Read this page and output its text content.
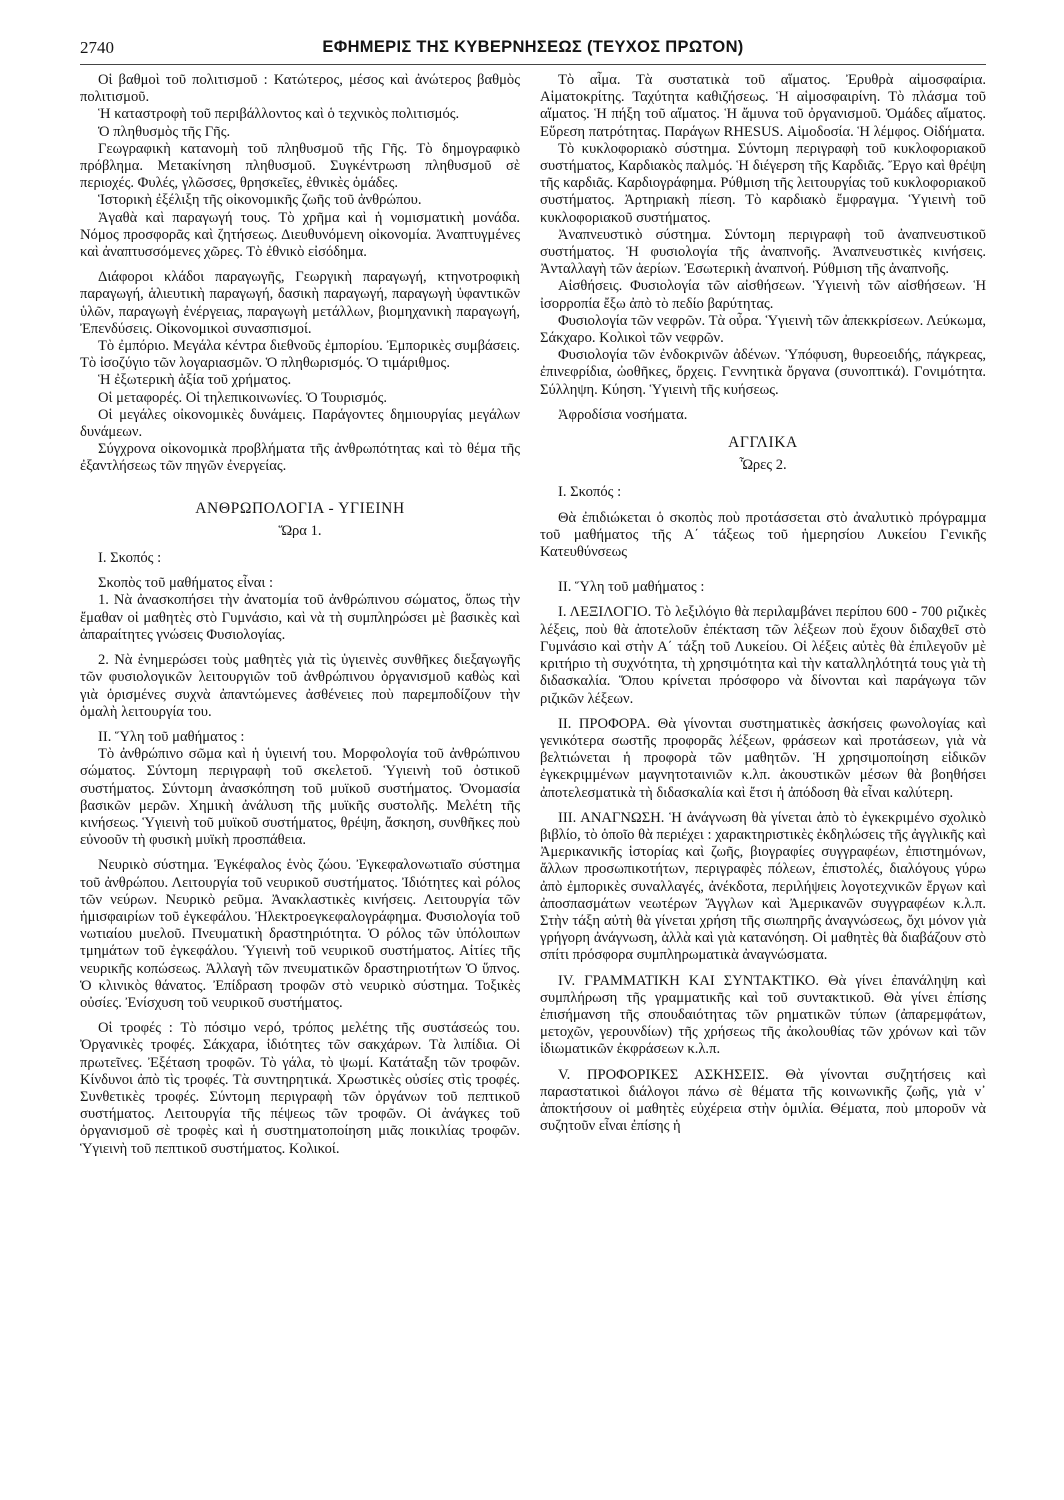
2740	ΕΦΗΜΕΡΙΣ ΤΗΣ ΚΥΒΕΡΝΗΣΕΩΣ (ΤΕΥΧΟΣ ΠΡΩΤΟΝ)

Οἱ βαθμοὶ τοῦ πολιτισμοῦ : Κατώτερος, μέσος καὶ ἀνώτερος βαθμὸς πολιτισμοῦ.

Ἡ καταστροφὴ τοῦ περιβάλλοντος καὶ ὁ τεχνικὸς πολιτισμός.

Ὁ πληθυσμὸς τῆς Γῆς.

Γεωγραφικὴ κατανομὴ τοῦ πληθυσμοῦ τῆς Γῆς. Τὸ δημογραφικὸ πρόβλημα. Μετακίνηση πληθυσμοῦ. Συγκέντρωση πληθυσμοῦ σὲ περιοχές. Φυλές, γλῶσσες, θρησκεῖες, ἐθνικὲς ὁμάδες.

Ἱστορικὴ ἐξέλιξη τῆς οἰκονομικῆς ζωῆς τοῦ ἀνθρώπου.

Ἀγαθὰ καὶ παραγωγή τους. Τὸ χρῆμα καὶ ἡ νομισματικὴ μονάδα. Νόμος προσφορᾶς καὶ ζητήσεως. Διευθυνόμενη οἰκονομία. Ἀναπτυγμένες καὶ ἀναπτυσσόμενες χῶρες. Τὸ ἐθνικὸ εἰσόδημα.

Διάφοροι κλάδοι παραγωγῆς, Γεωργικὴ παραγωγή, κτηνοτροφικὴ παραγωγή, ἁλιευτικὴ παραγωγή, δασικὴ παραγωγή, παραγωγὴ ὑφαντικῶν ὑλῶν, παραγωγὴ ἐνέργειας, παραγωγὴ μετάλλων, βιομηχανικὴ παραγωγή, Ἐπενδύσεις. Οἰκονομικοὶ συνασπισμοί.

Τὸ ἐμπόριο. Μεγάλα κέντρα διεθνοῦς ἐμπορίου. Ἐμπορικὲς συμβάσεις. Τὸ ἰσοζύγιο τῶν λογαριασμῶν. Ὁ πληθωρισμός. Ὁ τιμάριθμος.

Ἡ ἐξωτερικὴ ἀξία τοῦ χρήματος.

Οἱ μεταφορές. Οἱ τηλεπικοινωνίες. Ὁ Τουρισμός.

Οἱ μεγάλες οἰκονομικὲς δυνάμεις. Παράγοντες δημιουργίας μεγάλων δυνάμεων.

Σύγχρονα οἰκονομικὰ προβλήματα τῆς ἀνθρωπότητας καὶ τὸ θέμα τῆς ἐξαντλήσεως τῶν πηγῶν ἐνεργείας.

ΑΝΘΡΩΠΟΛΟΓΙΑ - ΥΓΙΕΙΝΗ

Ὥρα 1.

Ι. Σκοπός :

Σκοπὸς τοῦ μαθήματος εἶναι :

1. Νὰ ἀνασκοπήσει τὴν ἀνατομία τοῦ ἀνθρώπινου σώματος, ὅπως τὴν ἔμαθαν οἱ μαθητὲς στὸ Γυμνάσιο, καὶ νὰ τὴ συμπληρώσει μὲ βασικὲς καὶ ἀπαραίτητες γνώσεις Φυσιολογίας.

2. Νὰ ἐνημερώσει τοὺς μαθητὲς γιὰ τὶς ὑγιεινὲς συνθῆκες διεξαγωγῆς τῶν φυσιολογικῶν λειτουργιῶν τοῦ ἀνθρώπινου ὀργανισμοῦ καθὼς καὶ γιὰ ὁρισμένες συχνὰ ἀπαντώμενες ἀσθένειες ποὺ παρεμποδίζουν τὴν ὁμαλὴ λειτουργία του.

ΙΙ. Ὕλη τοῦ μαθήματος :

Τὸ ἀνθρώπινο σῶμα καὶ ἡ ὑγιεινή του. Μορφολογία τοῦ ἀνθρώπινου σώματος. Σύντομη περιγραφὴ τοῦ σκελετοῦ. Ὑγιεινὴ τοῦ ὀστικοῦ συστήματος. Σύντομη ἀνασκόπηση τοῦ μυϊκοῦ συστήματος. Ὀνομασία βασικῶν μερῶν. Χημικὴ ἀνάλυση τῆς μυϊκῆς συστολῆς. Μελέτη τῆς κινήσεως. Ὑγιεινὴ τοῦ μυϊκοῦ συστήματος, θρέψη, ἄσκηση, συνθῆκες ποὺ εὐνοοῦν τὴ φυσικὴ μυϊκὴ προσπάθεια.

Νευρικὸ σύστημα. Ἐγκέφαλος ἑνὸς ζώου. Ἐγκεφαλονωτιαῖο σύστημα τοῦ ἀνθρώπου. Λειτουργία τοῦ νευρικοῦ συστήματος. Ἰδιότητες καὶ ρόλος τῶν νεύρων. Νευρικὸ ρεῦμα. Ἀνακλαστικὲς κινήσεις. Λειτουργία τῶν ἡμισφαιρίων τοῦ ἐγκεφάλου. Ἠλεκτροεγκεφαλογράφημα. Φυσιολογία τοῦ νωτιαίου μυελοῦ. Πνευματικὴ δραστηριότητα. Ὁ ρόλος τῶν ὑπόλοιπων τμημάτων τοῦ ἐγκεφάλου. Ὑγιεινὴ τοῦ νευρικοῦ συστήματος. Αἰτίες τῆς νευρικῆς κοπώσεως. Ἀλλαγὴ τῶν πνευματικῶν δραστηριοτήτων Ὁ ὕπνος. Ὁ κλινικὸς θάνατος. Ἐπίδραση τροφῶν στὸ νευρικὸ σύστημα. Τοξικὲς οὐσίες. Ἐνίσχυση τοῦ νευρικοῦ συστήματος.

Οἱ τροφές : Τὸ πόσιμο νερό, τρόπος μελέτης τῆς συστάσεώς του. Ὀργανικὲς τροφές. Σάκχαρα, ἰδιότητες τῶν σακχάρων. Τὰ λιπίδια. Οἱ πρωτεῖνες. Ἐξέταση τροφῶν. Τὸ γάλα, τὸ ψωμί. Κατάταξη τῶν τροφῶν. Κίνδυνοι ἀπὸ τὶς τροφές. Τὰ συντηρητικά. Χρωστικὲς οὐσίες στὶς τροφές. Συνθετικὲς τροφές. Σύντομη περιγραφὴ τῶν ὀργάνων τοῦ πεπτικοῦ συστήματος. Λειτουργία τῆς πέψεως τῶν τροφῶν. Οἱ ἀνάγκες τοῦ ὀργανισμοῦ σὲ τροφὲς καὶ ἡ συστηματοποίηση μιᾶς ποικιλίας τροφῶν. Ὑγιεινὴ τοῦ πεπτικοῦ συστήματος. Κολικοί.

Τὸ αἷμα. Τὰ συστατικὰ τοῦ αἵματος. Ἐρυθρὰ αἱμοσφαίρια. Αἱματοκρίτης. Ταχύτητα καθιζήσεως. Ἡ αἱμοσφαιρίνη. Τὸ πλάσμα τοῦ αἵματος. Ἡ πήξη τοῦ αἵματος. Ἡ ἄμυνα τοῦ ὀργανισμοῦ. Ὁμάδες αἵματος. Εὕρεση πατρότητας. Παράγων RHESUS. Αἱμοδοσία. Ἡ λέμφος. Οἰδήματα.

Τὸ κυκλοφοριακὸ σύστημα. Σύντομη περιγραφὴ τοῦ κυκλοφοριακοῦ συστήματος, Καρδιακὸς παλμός. Ἡ διέγερση τῆς Καρδιᾶς. Ἔργο καὶ θρέψη τῆς καρδιᾶς. Καρδιογράφημα. Ρύθμιση τῆς λειτουργίας τοῦ κυκλοφοριακοῦ συστήματος. Ἀρτηριακὴ πίεση. Τὸ καρδιακὸ ἔμφραγμα. Ὑγιεινὴ τοῦ κυκλοφοριακοῦ συστήματος.

Ἀναπνευστικὸ σύστημα. Σύντομη περιγραφὴ τοῦ ἀναπνευστικοῦ συστήματος. Ἡ φυσιολογία τῆς ἀναπνοῆς. Ἀναπνευστικὲς κινήσεις. Ἀνταλλαγὴ τῶν ἀερίων. Ἐσωτερικὴ ἀναπνοή. Ρύθμιση τῆς ἀναπνοῆς.

Αἰσθήσεις. Φυσιολογία τῶν αἰσθήσεων. Ὑγιεινὴ τῶν αἰσθήσεων. Ἡ ἰσορροπία ἔξω ἀπὸ τὸ πεδίο βαρύτητας.

Φυσιολογία τῶν νεφρῶν. Τὰ οὖρα. Ὑγιεινὴ τῶν ἀπεκκρίσεων. Λεύκωμα, Σάκχαρο. Κολικοὶ τῶν νεφρῶν.

Φυσιολογία τῶν ἐνδοκρινῶν ἀδένων. Ὑπόφυση, θυρεοειδής, πάγκρεας, ἐπινεφρίδια, ὠοθῆκες, ὄρχεις. Γεννητικὰ ὄργανα (συνοπτικά). Γονιμότητα. Σύλληψη. Κύηση. Ὑγιεινὴ τῆς κυήσεως.

Ἀφροδίσια νοσήματα.

ΑΓΓΛΙΚΑ

Ὧρες 2.

Ι. Σκοπός :

Θὰ ἐπιδιώκεται ὁ σκοπὸς ποὺ προτάσσεται στὸ ἀναλυτικὸ πρόγραμμα τοῦ μαθήματος τῆς Α΄ τάξεως τοῦ ἡμερησίου Λυκείου Γενικῆς Κατευθύνσεως

ΙΙ. Ὕλη τοῦ μαθήματος :

Ι. ΛΕΞΙΛΟΓΙΟ. Τὸ λεξιλόγιο θὰ περιλαμβάνει περίπου 600 - 700 ριζικὲς λέξεις, ποὺ θὰ ἀποτελοῦν ἐπέκταση τῶν λέξεων ποὺ ἔχουν διδαχθεῖ στὸ Γυμνάσιο καὶ στὴν Α΄ τάξη τοῦ Λυκείου. Οἱ λέξεις αὐτὲς θὰ ἐπιλεγοῦν μὲ κριτήριο τὴ συχνότητα, τὴ χρησιμότητα καὶ τὴν καταλληλότητά τους γιὰ τὴ διδασκαλία. Ὅπου κρίνεται πρόσφορο νὰ δίνονται καὶ παράγωγα τῶν ριζικῶν λέξεων.

ΙΙ. ΠΡΟΦΟΡΑ. Θὰ γίνονται συστηματικὲς ἀσκήσεις φωνολογίας καὶ γενικότερα σωστῆς προφορᾶς λέξεων, φράσεων καὶ προτάσεων, γιὰ νὰ βελτιώνεται ἡ προφορὰ τῶν μαθητῶν. Ἡ χρησιμοποίηση εἰδικῶν ἐγκεκριμμένων μαγνητοταινιῶν κ.λπ. ἀκουστικῶν μέσων θὰ βοηθήσει ἀποτελεσματικὰ τὴ διδασκαλία καὶ ἔτσι ἡ ἀπόδοση θὰ εἶναι καλύτερη.

ΙΙΙ. ΑΝΑΓΝΩΣΗ. Ἡ ἀνάγνωση θὰ γίνεται ἀπὸ τὸ ἐγκεκριμένο σχολικὸ βιβλίο, τὸ ὁποῖο θὰ περιέχει : χαρακτηριστικὲς ἐκδηλώσεις τῆς ἀγγλικῆς καὶ Ἀμερικανικῆς ἱστορίας καὶ ζωῆς, βιογραφίες συγγραφέων, ἐπιστημόνων, ἄλλων προσωπικοτήτων, περιγραφὲς πόλεων, ἐπιστολές, διαλόγους γύρω ἀπὸ ἐμπορικὲς συναλλαγές, ἀνέκδοτα, περιλήψεις λογοτεχνικῶν ἔργων καὶ ἀποσπασμάτων νεωτέρων Ἄγγλων καὶ Ἀμερικανῶν συγγραφέων κ.λ.π. Στὴν τάξη αὐτὴ θὰ γίνεται χρήση τῆς σιωπηρῆς ἀναγνώσεως, ὄχι μόνον γιὰ γρήγορη ἀνάγνωση, ἀλλὰ καὶ γιὰ κατανόηση. Οἱ μαθητὲς θὰ διαβάζουν στὸ σπίτι πρόσφορα συμπληρωματικὰ ἀναγνώσματα.

IV. ΓΡΑΜΜΑΤΙΚΗ ΚΑΙ ΣΥΝΤΑΚΤΙΚΟ. Θὰ γίνει ἐπανάληψη καὶ συμπλήρωση τῆς γραμματικῆς καὶ τοῦ συντακτικοῦ. Θὰ γίνει ἐπίσης ἐπισήμανση τῆς σπουδαιότητας τῶν ρηματικῶν τύπων (ἀπαρεμφάτων, μετοχῶν, γερουνδίων) τῆς χρήσεως τῆς ἀκολουθίας τῶν χρόνων καὶ τῶν ἰδιωματικῶν ἐκφράσεων κ.λ.π.

V. ΠΡΟΦΟΡΙΚΕΣ ΑΣΚΗΣΕΙΣ. Θὰ γίνονται συζητήσεις καὶ παραστατικοὶ διάλογοι πάνω σὲ θέματα τῆς κοινωνικῆς ζωῆς, γιὰ ν᾿ ἀποκτήσουν οἱ μαθητὲς εὐχέρεια στὴν ὁμιλία. Θέματα, ποὺ μποροῦν νὰ συζητοῦν εἶναι ἐπίσης ἡ
